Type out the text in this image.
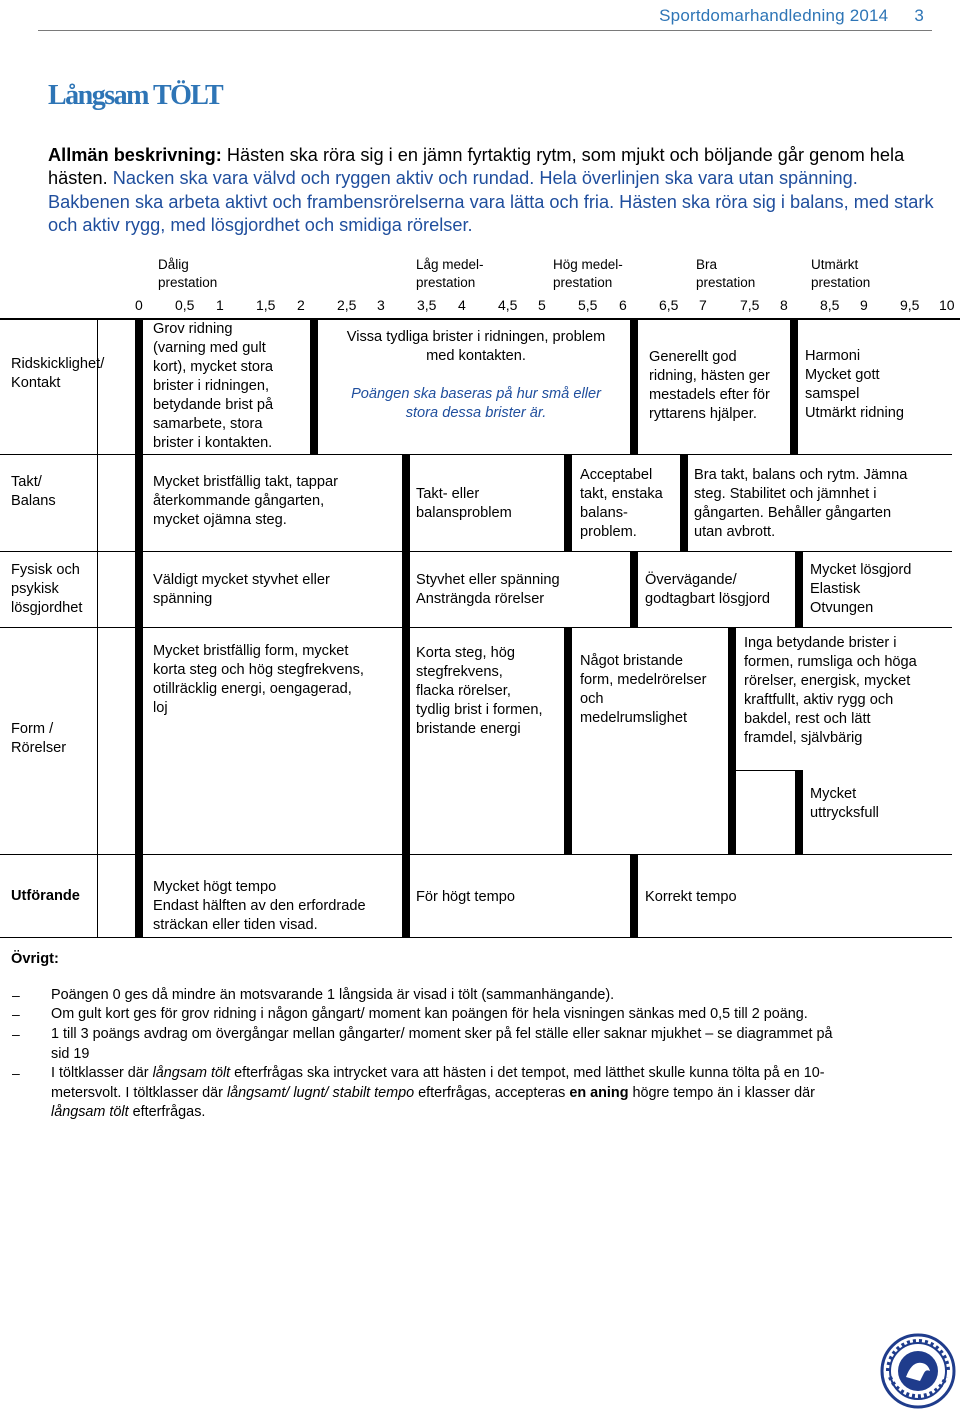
Sportdomarhandledning 2014 3
Långsam TÖLT
Allmän beskrivning: Hästen ska röra sig i en jämn fyrtaktig rytm, som mjukt och böljande går genom hela hästen. Nacken ska vara välvd och ryggen aktiv och rundad. Hela överlinjen ska vara utan spänning. Bakbenen ska arbeta aktivt och frambensrörelserna vara lätta och fria. Hästen ska röra sig i balans, med stark och aktiv rygg, med lösgjordhet och smidiga rörelser.
Dålig
prestation
Låg medel-
prestation
Hög medel-
prestation
Bra
prestation
Utmärkt
prestation
0 0,5 1 1,5 2 2,5 3 3,5 4 4,5 5 5,5 6 6,5 7 7,5 8 8,5 9 9,5 10
Ridskicklighet/
Kontakt
Grov ridning
(varning med gult
kort), mycket stora
brister i ridningen,
betydande brist på
samarbete, stora
brister i kontakten.
Vissa tydliga brister i ridningen, problem
med kontakten.
Poängen ska baseras på hur små eller
stora dessa brister är.
Generellt god
ridning, hästen ger
mestadels efter för
ryttarens hjälper.
Harmoni
Mycket gott
samspel
Utmärkt ridning
Takt/
Balans
Mycket bristfällig takt, tappar
återkommande gångarten,
mycket ojämna steg.
Takt- eller
balansproblem
Acceptabel
takt, enstaka
balans-
problem.
Bra takt, balans och rytm. Jämna
steg. Stabilitet och jämnhet i
gångarten. Behåller gångarten
utan avbrott.
Fysisk och
psykisk
lösgjordhet
Väldigt mycket styvhet eller
spänning
Styvhet eller spänning
Ansträngda rörelser
Övervägande/
godtagbart lösgjord
Mycket lösgjord
Elastisk
Otvungen
Form /
Rörelser
Mycket bristfällig form, mycket
korta steg och hög stegfrekvens,
otillräcklig energi, oengagerad,
loj
Korta steg, hög
stegfrekvens,
flacka rörelser,
tydlig brist i formen,
bristande energi
Något bristande
form, medelrörelser
och
medelrumslighet
Inga betydande brister i
formen, rumsliga och höga
rörelser, energisk, mycket
kraftfullt, aktiv rygg och
bakdel, rest och lätt
framdel, självbärig
Mycket
uttrycksfull
Utförande
Mycket högt tempo
Endast hälften av den erfordrade
sträckan eller tiden visad.
För högt tempo	Korrekt tempo
Övrigt:
– Poängen 0 ges då mindre än motsvarande 1 långsida är visad i tölt (sammanhängande).
– Om gult kort ges för grov ridning i någon gångart/ moment kan poängen för hela visningen sänkas med 0,5 till 2 poäng.
– 1 till 3 poängs avdrag om övergångar mellan gångarter/ moment sker på fel ställe eller saknar mjukhet – se diagrammet på
sid 19
– I töltklasser där långsam tölt efterfrågas ska intrycket vara att hästen i det tempot, med lätthet skulle kunna tölta på en 10-
metersvolt. I töltklasser där långsamt/ lugnt/ stabilt tempo efterfrågas, accepteras en aning högre tempo än i klasser där
långsam tölt efterfrågas.
